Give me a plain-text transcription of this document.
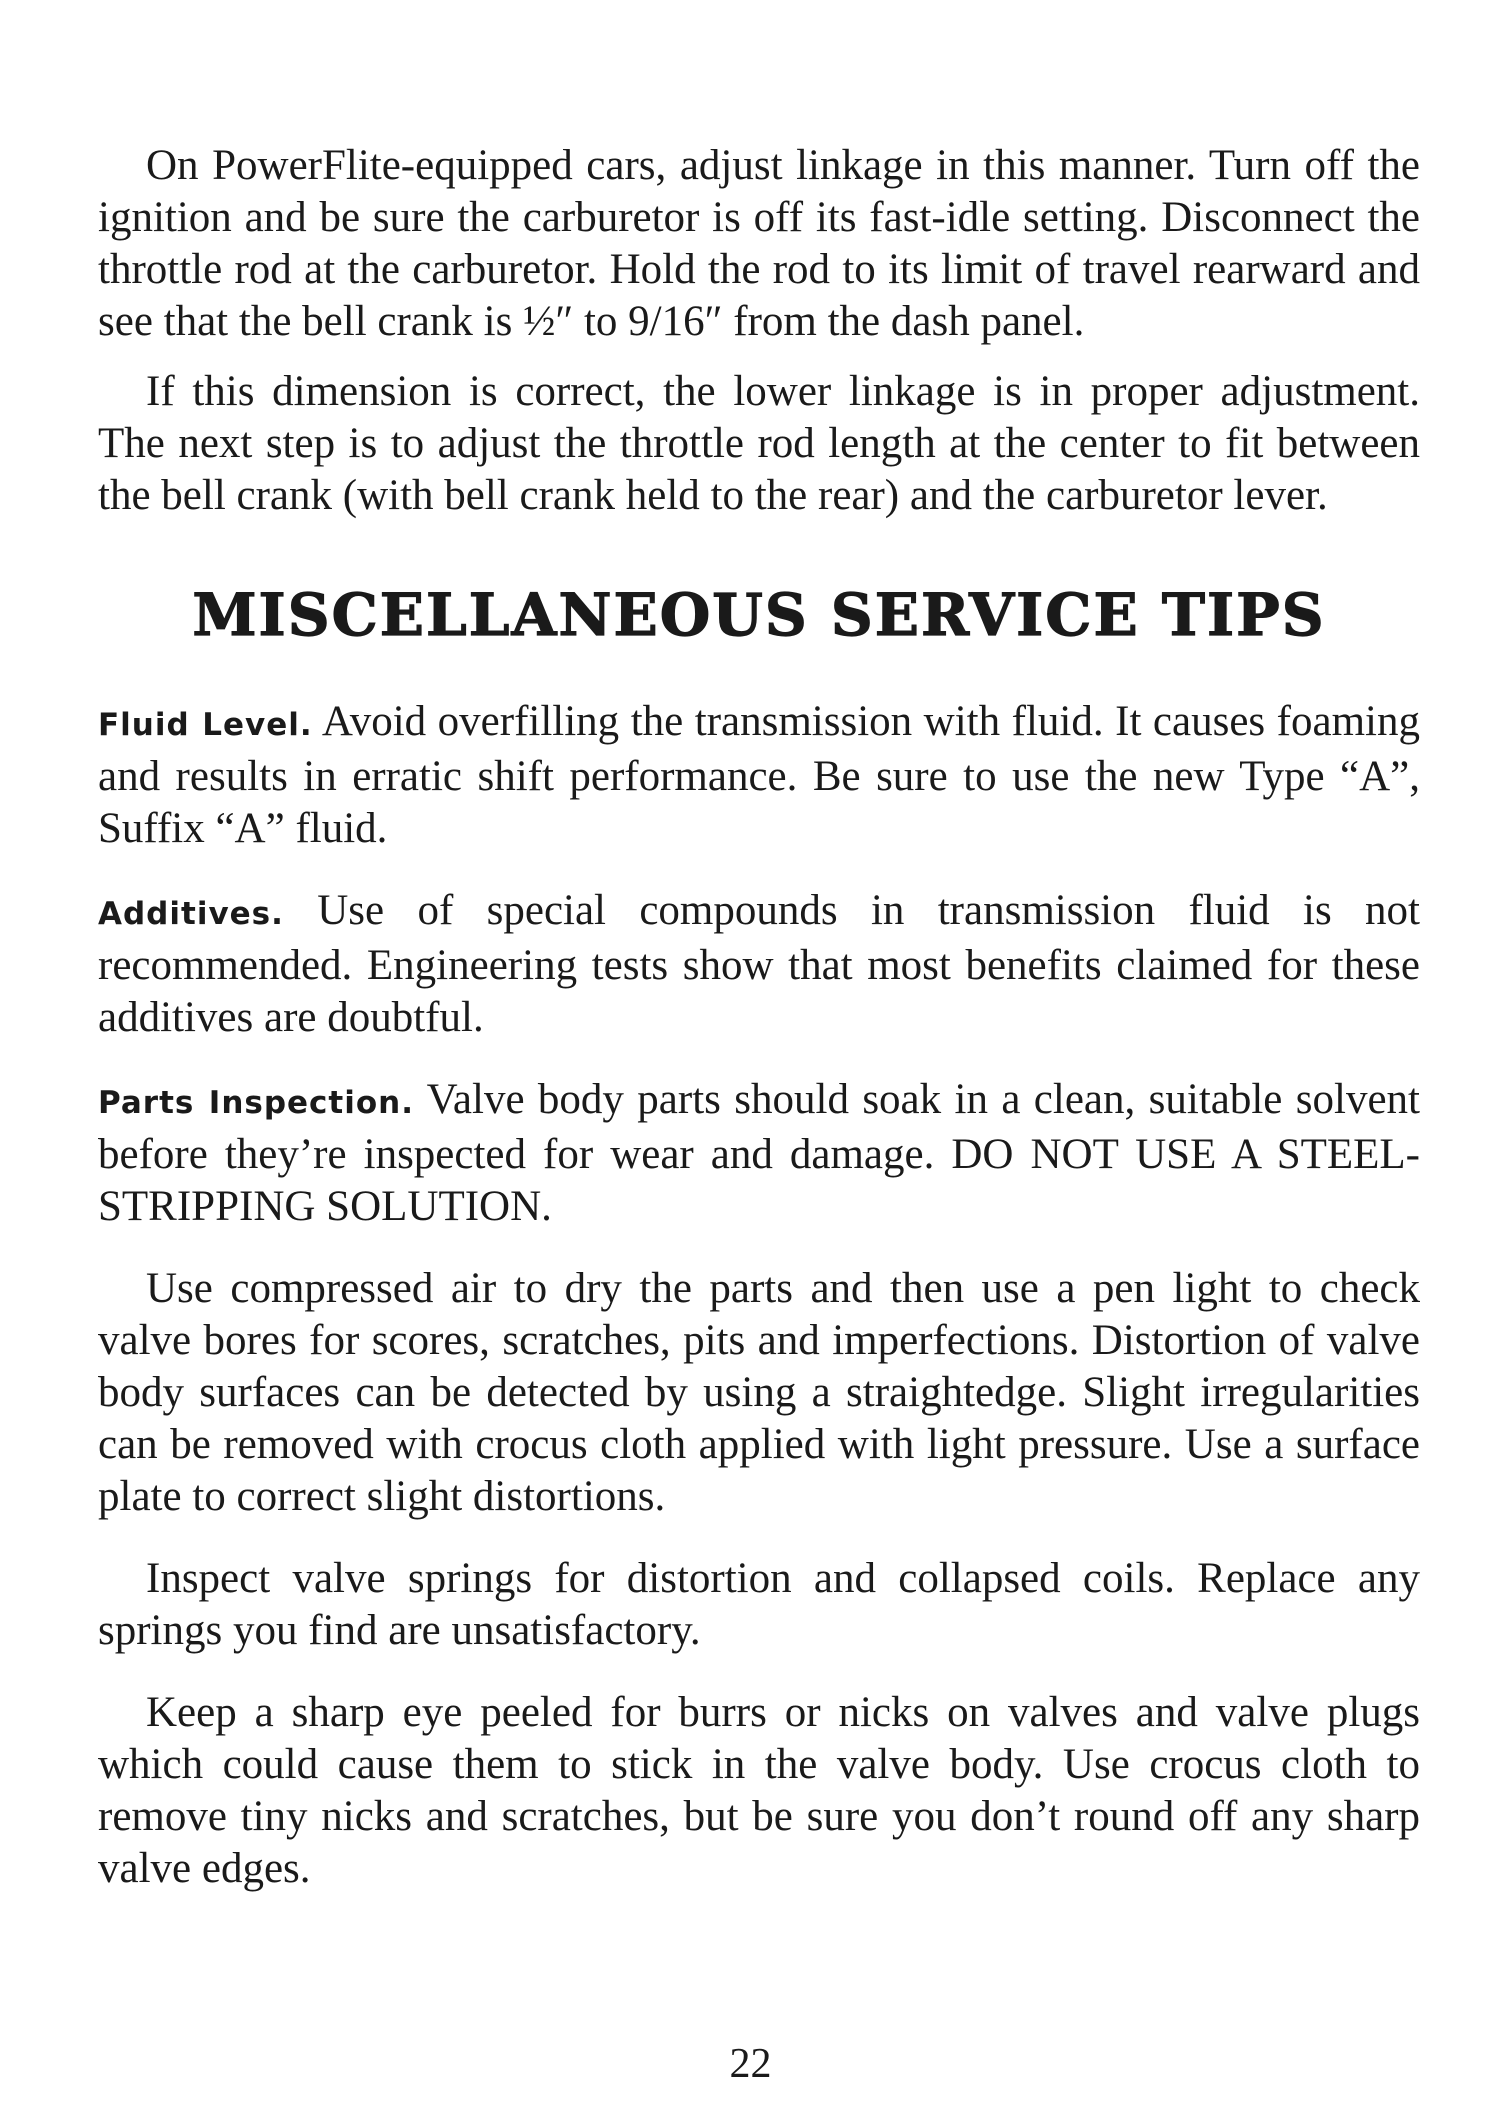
On PowerFlite-equipped cars, adjust linkage in this manner. Turn off the ignition and be sure the carburetor is off its fast-idle setting. Disconnect the throttle rod at the carburetor. Hold the rod to its limit of travel rearward and see that the bell crank is ½″ to 9/16″ from the dash panel.

If this dimension is correct, the lower linkage is in proper adjustment. The next step is to adjust the throttle rod length at the center to fit between the bell crank (with bell crank held to the rear) and the carburetor lever.

MISCELLANEOUS SERVICE TIPS

Fluid Level. Avoid overfilling the transmission with fluid. It causes foaming and results in erratic shift performance. Be sure to use the new Type “A”, Suffix “A” fluid.

Additives. Use of special compounds in transmission fluid is not recommended. Engineering tests show that most benefits claimed for these additives are doubtful.

Parts Inspection. Valve body parts should soak in a clean, suitable solvent before they’re inspected for wear and damage. DO NOT USE A STEEL-STRIPPING SOLUTION.

Use compressed air to dry the parts and then use a pen light to check valve bores for scores, scratches, pits and imperfections. Distortion of valve body surfaces can be detected by using a straightedge. Slight irregularities can be removed with crocus cloth applied with light pressure. Use a surface plate to correct slight distortions.

Inspect valve springs for distortion and collapsed coils. Replace any springs you find are unsatisfactory.

Keep a sharp eye peeled for burrs or nicks on valves and valve plugs which could cause them to stick in the valve body. Use crocus cloth to remove tiny nicks and scratches, but be sure you don’t round off any sharp valve edges.

22
